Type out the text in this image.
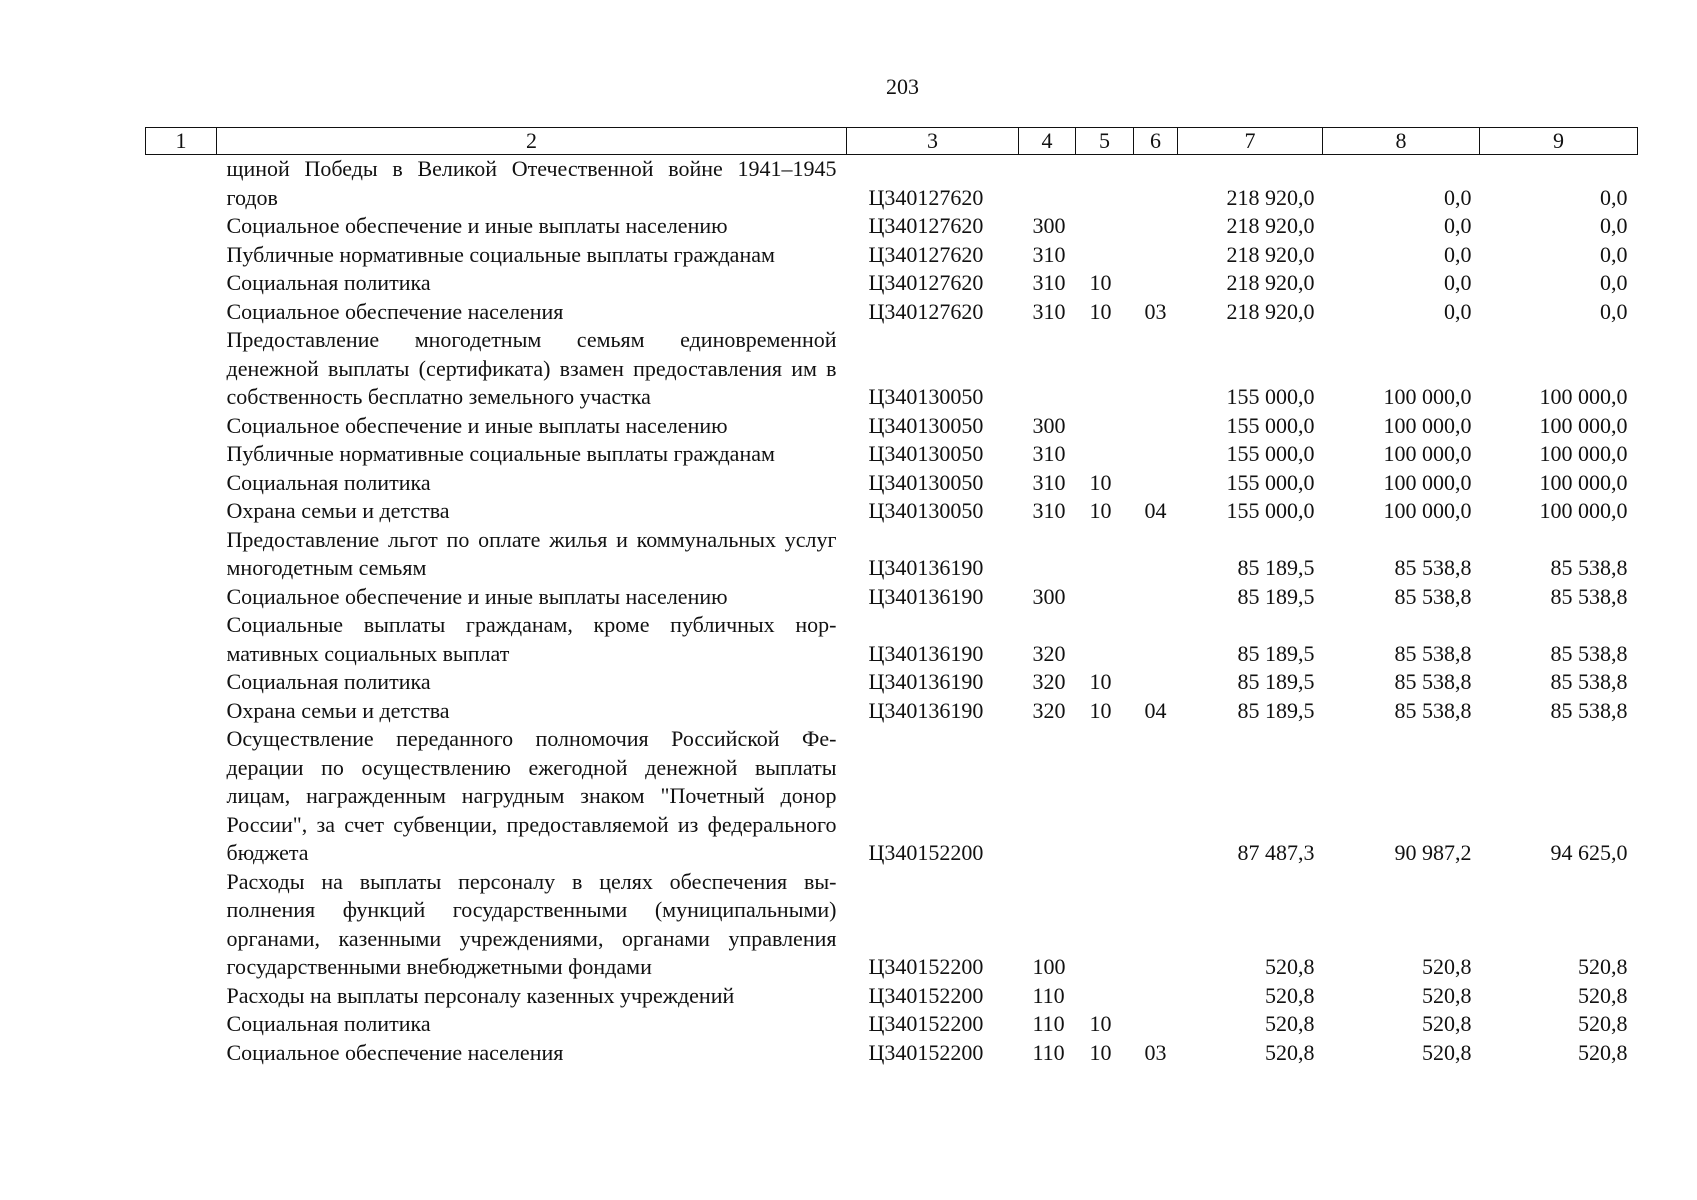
203
1	2	3	4	5	6	7	8	9
	щиной Победы в Великой Отечественной войне 1941–1945 годов	Ц340127620				218 920,0	0,0	0,0
	Социальное обеспечение и иные выплаты населению	Ц340127620	300			218 920,0	0,0	0,0
	Публичные нормативные социальные выплаты гражданам	Ц340127620	310			218 920,0	0,0	0,0
	Социальная политика	Ц340127620	310	10		218 920,0	0,0	0,0
	Социальное обеспечение населения	Ц340127620	310	10	03	218 920,0	0,0	0,0
	Предоставление многодетным семьям единовременной денежной выплаты (сертификата) взамен предоставления им в собственность бесплатно земельного участка	Ц340130050				155 000,0	100 000,0	100 000,0
	Социальное обеспечение и иные выплаты населению	Ц340130050	300			155 000,0	100 000,0	100 000,0
	Публичные нормативные социальные выплаты гражданам	Ц340130050	310			155 000,0	100 000,0	100 000,0
	Социальная политика	Ц340130050	310	10		155 000,0	100 000,0	100 000,0
	Охрана семьи и детства	Ц340130050	310	10	04	155 000,0	100 000,0	100 000,0
	Предоставление льгот по оплате жилья и коммунальных услуг многодетным семьям	Ц340136190				85 189,5	85 538,8	85 538,8
	Социальное обеспечение и иные выплаты населению	Ц340136190	300			85 189,5	85 538,8	85 538,8
	Социальные выплаты гражданам, кроме публичных нормативных социальных выплат	Ц340136190	320			85 189,5	85 538,8	85 538,8
	Социальная политика	Ц340136190	320	10		85 189,5	85 538,8	85 538,8
	Охрана семьи и детства	Ц340136190	320	10	04	85 189,5	85 538,8	85 538,8
	Осуществление переданного полномочия Российской Федерации по осуществлению ежегодной денежной выплаты лицам, награжденным нагрудным знаком "Почетный донор России", за счет субвенции, предоставляемой из федерального бюджета	Ц340152200				87 487,3	90 987,2	94 625,0
	Расходы на выплаты персоналу в целях обеспечения выполнения функций государственными (муниципальными) органами, казенными учреждениями, органами управления государственными внебюджетными фондами	Ц340152200	100			520,8	520,8	520,8
	Расходы на выплаты персоналу казенных учреждений	Ц340152200	110			520,8	520,8	520,8
	Социальная политика	Ц340152200	110	10		520,8	520,8	520,8
	Социальное обеспечение населения	Ц340152200	110	10	03	520,8	520,8	520,8
